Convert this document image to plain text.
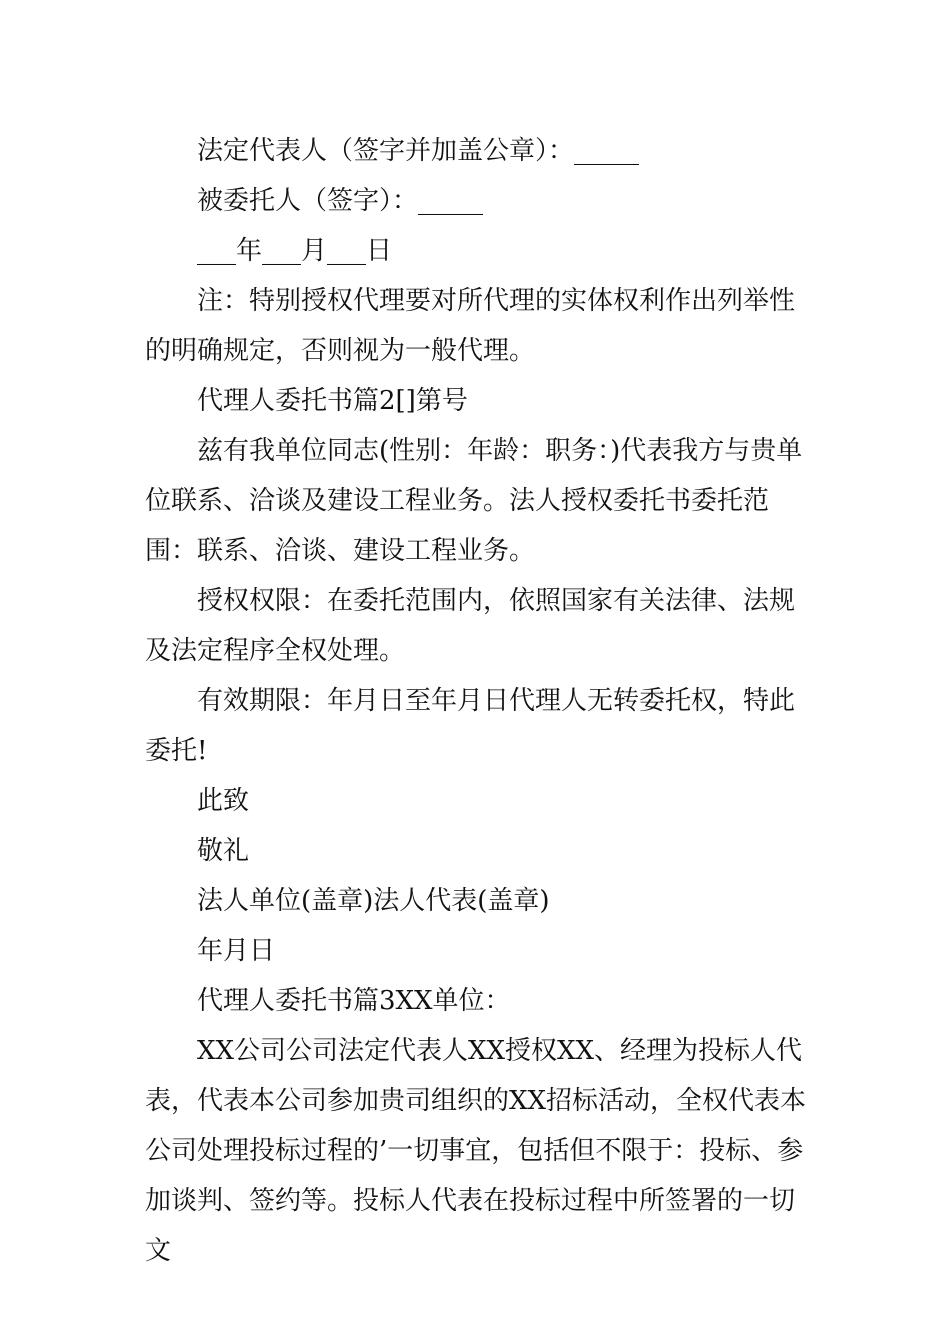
法定代表人（签字并加盖公章）：_____

被委托人（签字）：_____

___年___月___日

注：特别授权代理要对所代理的实体权利作出列举性的明确规定，否则视为一般代理。

代理人委托书篇2[]第号

兹有我单位同志(性别：年龄：职务：)代表我方与贵单位联系、洽谈及建设工程业务。法人授权委托书委托范围：联系、洽谈、建设工程业务。

授权权限：在委托范围内，依照国家有关法律、法规及法定程序全权处理。

有效期限：年月日至年月日代理人无转委托权，特此委托!

此致

敬礼

法人单位(盖章)法人代表(盖章)

年月日

代理人委托书篇3XX单位：

XX公司公司法定代表人XX授权XX、经理为投标人代表，代表本公司参加贵司组织的XX招标活动，全权代表本公司处理投标过程的’一切事宜，包括但不限于：投标、参加谈判、签约等。投标人代表在投标过程中所签署的一切文
